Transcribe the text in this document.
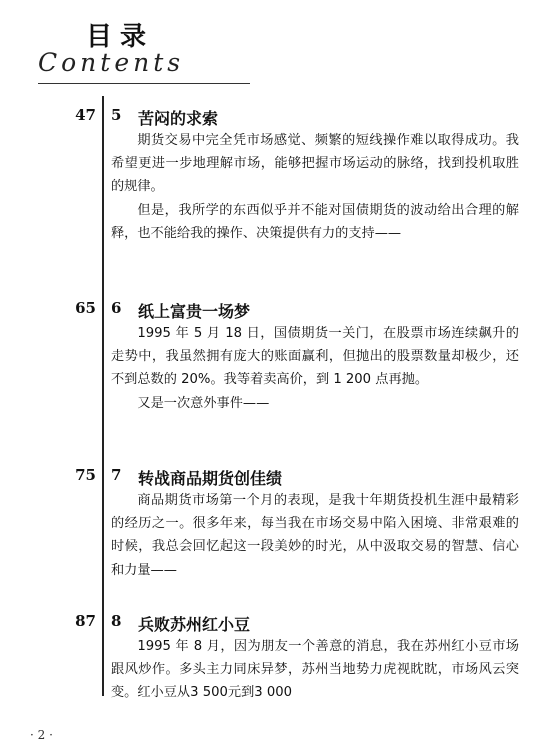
目录
Contents
47 5 苦闷的求索

期货交易中完全凭市场感觉、频繁的短线操作难以取得成功。我希望更进一步地理解市场，能够把握市场运动的脉络，找到投机取胜的规律。

但是，我所学的东西似乎并不能对国债期货的波动给出合理的解释，也不能给我的操作、决策提供有力的支持——

65 6 纸上富贵一场梦

1995 年 5 月 18 日，国债期货一关门，在股票市场连续飙升的走势中，我虽然拥有庞大的账面赢利，但抛出的股票数量却极少，还不到总数的 20%。我等着卖高价，到 1 200 点再抛。

又是一次意外事件——

75 7 转战商品期货创佳绩

商品期货市场第一个月的表现，是我十年期货投机生涯中最精彩的经历之一。很多年来，每当我在市场交易中陷入困境、非常艰难的时候，我总会回忆起这一段美妙的时光，从中汲取交易的智慧、信心和力量——

87 8 兵败苏州红小豆

1995 年 8 月，因为朋友一个善意的消息，我在苏州红小豆市场跟风炒作。多头主力同床异梦，苏州当地势力虎视眈眈，市场风云突变。红小豆从3 500元到3 000

· 2 ·
